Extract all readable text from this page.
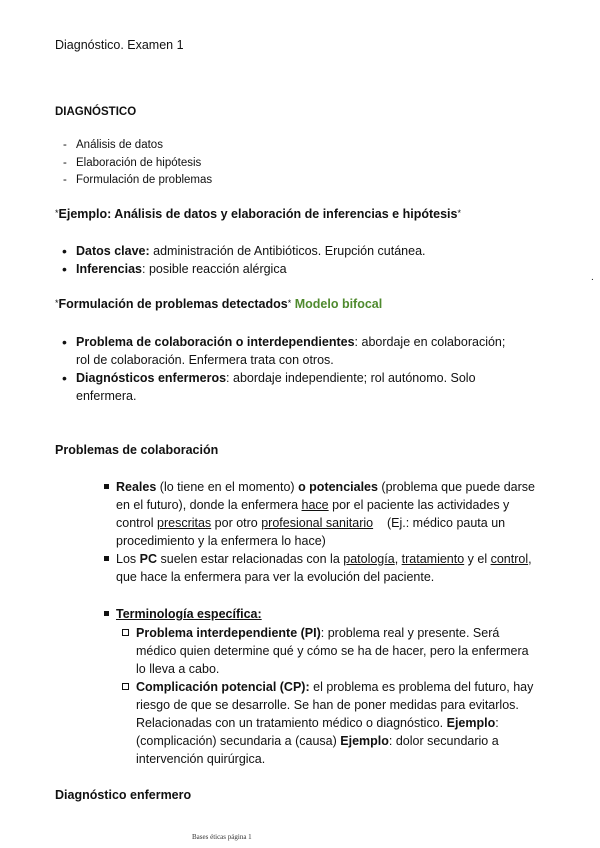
Diagnóstico. Examen 1
DIAGNÓSTICO
- Análisis de datos
- Elaboración de hipótesis
- Formulación de problemas
*Ejemplo: Análisis de datos y elaboración de inferencias e hipótesis*
• Datos clave: administración de Antibióticos. Erupción cutánea.
• Inferencias: posible reacción alérgica
.
*Formulación de problemas detectados* Modelo bifocal
• Problema de colaboración o interdependientes: abordaje en colaboración; rol de colaboración. Enfermera trata con otros.
• Diagnósticos enfermeros: abordaje independiente; rol autónomo. Solo enfermera.
Problemas de colaboración
Reales (lo tiene en el momento) o potenciales (problema que puede darse en el futuro), donde la enfermera hace por el paciente las actividades y control prescritas por otro profesional sanitario    (Ej.: médico pauta un procedimiento y la enfermera lo hace)
Los PC suelen estar relacionadas con la patología, tratamiento y el control, que hace la enfermera para ver la evolución del paciente.
Terminología específica:
Problema interdependiente (PI): problema real y presente. Será médico quien determine qué y cómo se ha de hacer, pero la enfermera lo lleva a cabo.
Complicación potencial (CP): el problema es problema del futuro, hay riesgo de que se desarrolle. Se han de poner medidas para evitarlos. Relacionadas con un tratamiento médico o diagnóstico. Ejemplo: (complicación) secundaria a (causa) Ejemplo: dolor secundario a intervención quirúrgica.
Diagnóstico enfermero
Bases éticas página 1
